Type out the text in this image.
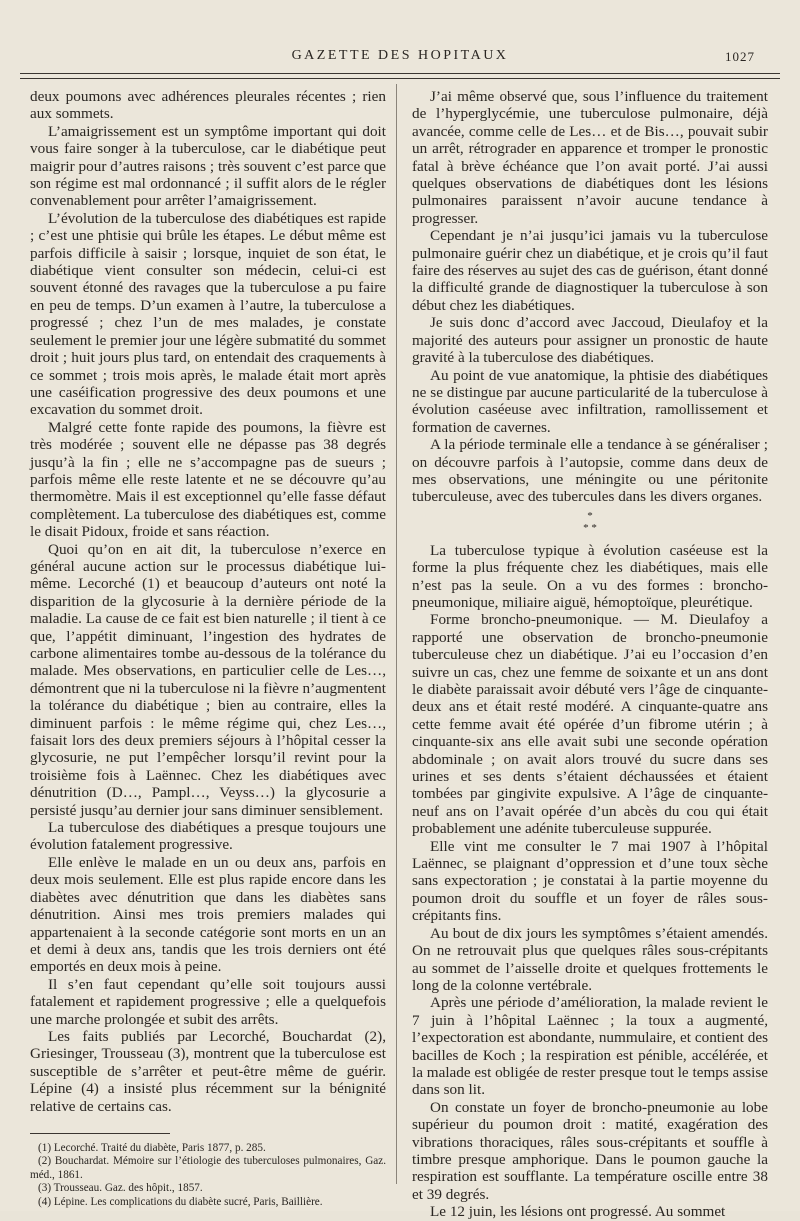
GAZETTE DES HOPITAUX	1027

deux poumons avec adhérences pleurales récentes ; rien aux sommets.

L’amaigrissement est un symptôme important qui doit vous faire songer à la tuberculose, car le diabétique peut maigrir pour d’autres raisons ; très souvent c’est parce que son régime est mal ordonnancé ; il suffit alors de le régler convenablement pour arrêter l’amaigrissement.

L’évolution de la tuberculose des diabétiques est rapide ; c’est une phtisie qui brûle les étapes. Le début même est parfois difficile à saisir ; lorsque, inquiet de son état, le diabétique vient consulter son médecin, celui-ci est souvent étonné des ravages que la tuberculose a pu faire en peu de temps. D’un examen à l’autre, la tuberculose a progressé ; chez l’un de mes malades, je constate seulement le premier jour une légère submatité du sommet droit ; huit jours plus tard, on entendait des craquements à ce sommet ; trois mois après, le malade était mort après une caséification progressive des deux poumons et une excavation du sommet droit.

Malgré cette fonte rapide des poumons, la fièvre est très modérée ; souvent elle ne dépasse pas 38 degrés jusqu’à la fin ; elle ne s’accompagne pas de sueurs ; parfois même elle reste latente et ne se découvre qu’au thermomètre. Mais il est exceptionnel qu’elle fasse défaut complètement. La tuberculose des diabétiques est, comme le disait Pidoux, froide et sans réaction.

Quoi qu’on en ait dit, la tuberculose n’exerce en général aucune action sur le processus diabétique lui-même. Lecorché (1) et beaucoup d’auteurs ont noté la disparition de la glycosurie à la dernière période de la maladie. La cause de ce fait est bien naturelle ; il tient à ce que, l’appétit diminuant, l’ingestion des hydrates de carbone alimentaires tombe au-dessous de la tolérance du malade. Mes observations, en particulier celle de Les…, démontrent que ni la tuberculose ni la fièvre n’augmentent la tolérance du diabétique ; bien au contraire, elles la diminuent parfois : le même régime qui, chez Les…, faisait lors des deux premiers séjours à l’hôpital cesser la glycosurie, ne put l’empêcher lorsqu’il revint pour la troisième fois à Laënnec. Chez les diabétiques avec dénutrition (D…, Pampl…, Veyss…) la glycosurie a persisté jusqu’au dernier jour sans diminuer sensiblement.

La tuberculose des diabétiques a presque toujours une évolution fatalement progressive.

Elle enlève le malade en un ou deux ans, parfois en deux mois seulement. Elle est plus rapide encore dans les diabètes avec dénutrition que dans les diabètes sans dénutrition. Ainsi mes trois premiers malades qui appartenaient à la seconde catégorie sont morts en un an et demi à deux ans, tandis que les trois derniers ont été emportés en deux mois à peine.

Il s’en faut cependant qu’elle soit toujours aussi fatalement et rapidement progressive ; elle a quelquefois une marche prolongée et subit des arrêts.

Les faits publiés par Lecorché, Bouchardat (2), Griesinger, Trousseau (3), montrent que la tuberculose est susceptible de s’arrêter et peut-être même de guérir. Lépine (4) a insisté plus récemment sur la bénignité relative de certains cas.

(1) Lecorché. Traité du diabète, Paris 1877, p. 285.
(2) Bouchardat. Mémoire sur l’étiologie des tuberculoses pulmonaires, Gaz. méd., 1861.
(3) Trousseau. Gaz. des hôpit., 1857.
(4) Lépine. Les complications du diabète sucré, Paris, Baillière.

J’ai même observé que, sous l’influence du traitement de l’hyperglycémie, une tuberculose pulmonaire, déjà avancée, comme celle de Les… et de Bis…, pouvait subir un arrêt, rétrograder en apparence et tromper le pronostic fatal à brève échéance que l’on avait porté. J’ai aussi quelques observations de diabétiques dont les lésions pulmonaires paraissent n’avoir aucune tendance à progresser.

Cependant je n’ai jusqu’ici jamais vu la tuberculose pulmonaire guérir chez un diabétique, et je crois qu’il faut faire des réserves au sujet des cas de guérison, étant donné la difficulté grande de diagnostiquer la tuberculose à son début chez les diabétiques.

Je suis donc d’accord avec Jaccoud, Dieulafoy et la majorité des auteurs pour assigner un pronostic de haute gravité à la tuberculose des diabétiques.

Au point de vue anatomique, la phtisie des diabétiques ne se distingue par aucune particularité de la tuberculose à évolution caséeuse avec infiltration, ramollissement et formation de cavernes.

A la période terminale elle a tendance à se généraliser ; on découvre parfois à l’autopsie, comme dans deux de mes observations, une méningite ou une péritonite tuberculeuse, avec des tubercules dans les divers organes.

*
* *

La tuberculose typique à évolution caséeuse est la forme la plus fréquente chez les diabétiques, mais elle n’est pas la seule. On a vu des formes : broncho-pneumonique, miliaire aiguë, hémoptoïque, pleurétique.

Forme broncho-pneumonique. — M. Dieulafoy a rapporté une observation de broncho-pneumonie tuberculeuse chez un diabétique. J’ai eu l’occasion d’en suivre un cas, chez une femme de soixante et un ans dont le diabète paraissait avoir débuté vers l’âge de cinquante-deux ans et était resté modéré. A cinquante-quatre ans cette femme avait été opérée d’un fibrome utérin ; à cinquante-six ans elle avait subi une seconde opération abdominale ; on avait alors trouvé du sucre dans ses urines et ses dents s’étaient déchaussées et étaient tombées par gingivite expulsive. A l’âge de cinquante-neuf ans on l’avait opérée d’un abcès du cou qui était probablement une adénite tuberculeuse suppurée.

Elle vint me consulter le 7 mai 1907 à l’hôpital Laënnec, se plaignant d’oppression et d’une toux sèche sans expectoration ; je constatai à la partie moyenne du poumon droit du souffle et un foyer de râles sous-crépitants fins.

Au bout de dix jours les symptômes s’étaient amendés. On ne retrouvait plus que quelques râles sous-crépitants au sommet de l’aisselle droite et quelques frottements le long de la colonne vertébrale.

Après une période d’amélioration, la malade revient le 7 juin à l’hôpital Laënnec ; la toux a augmenté, l’expectoration est abondante, nummulaire, et contient des bacilles de Koch ; la respiration est pénible, accélérée, et la malade est obligée de rester presque tout le temps assise dans son lit.

On constate un foyer de broncho-pneumonie au lobe supérieur du poumon droit : matité, exagération des vibrations thoraciques, râles sous-crépitants et souffle à timbre presque amphorique. Dans le poumon gauche la respiration est soufflante. La température oscille entre 38 et 39 degrés.

Le 12 juin, les lésions ont progressé. Au sommet
